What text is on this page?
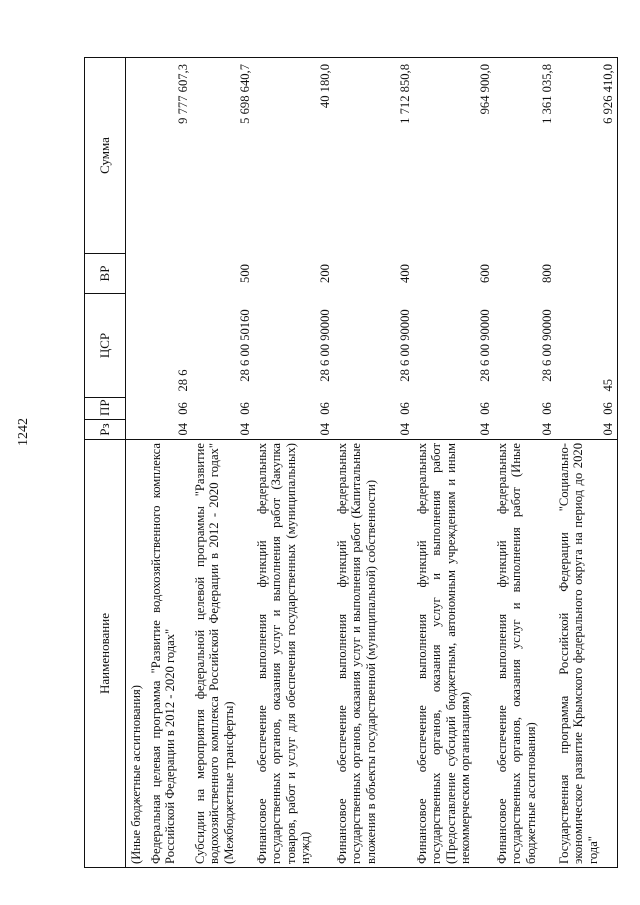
1242
Наименование	Рз	ПР	ЦСР	ВР	Сумма
(Иные бюджетные ассигнования)					
Федеральная целевая программа "Развитие водохозяйственного комплекса Российской Федерации в 2012 - 2020 годах"	04	06	28 6		9 777 607,3
Субсидии на мероприятия федеральной целевой программы "Развитие водохозяйственного комплекса Российской Федерации в 2012 - 2020 годах" (Межбюджетные трансферты)	04	06	28 6 00 50160	500	5 698 640,7
Финансовое обеспечение выполнения функций федеральных государственных органов, оказания услуг и выполнения работ (Закупка товаров, работ и услуг для обеспечения государственных (муниципальных) нужд)	04	06	28 6 00 90000	200	40 180,0
Финансовое обеспечение выполнения функций федеральных государственных органов, оказания услуг и выполнения работ (Капитальные вложения в объекты государственной (муниципальной) собственности)	04	06	28 6 00 90000	400	1 712 850,8
Финансовое обеспечение выполнения функций федеральных государственных органов, оказания услуг и выполнения работ (Предоставление субсидий бюджетным, автономным учреждениям и иным некоммерческим организациям)	04	06	28 6 00 90000	600	964 900,0
Финансовое обеспечение выполнения функций федеральных государственных органов, оказания услуг и выполнения работ (Иные бюджетные ассигнования)	04	06	28 6 00 90000	800	1 361 035,8
Государственная программа Российской Федерации "Социально-экономическое развитие Крымского федерального округа на период до 2020 года"	04	06	45		6 926 410,0
